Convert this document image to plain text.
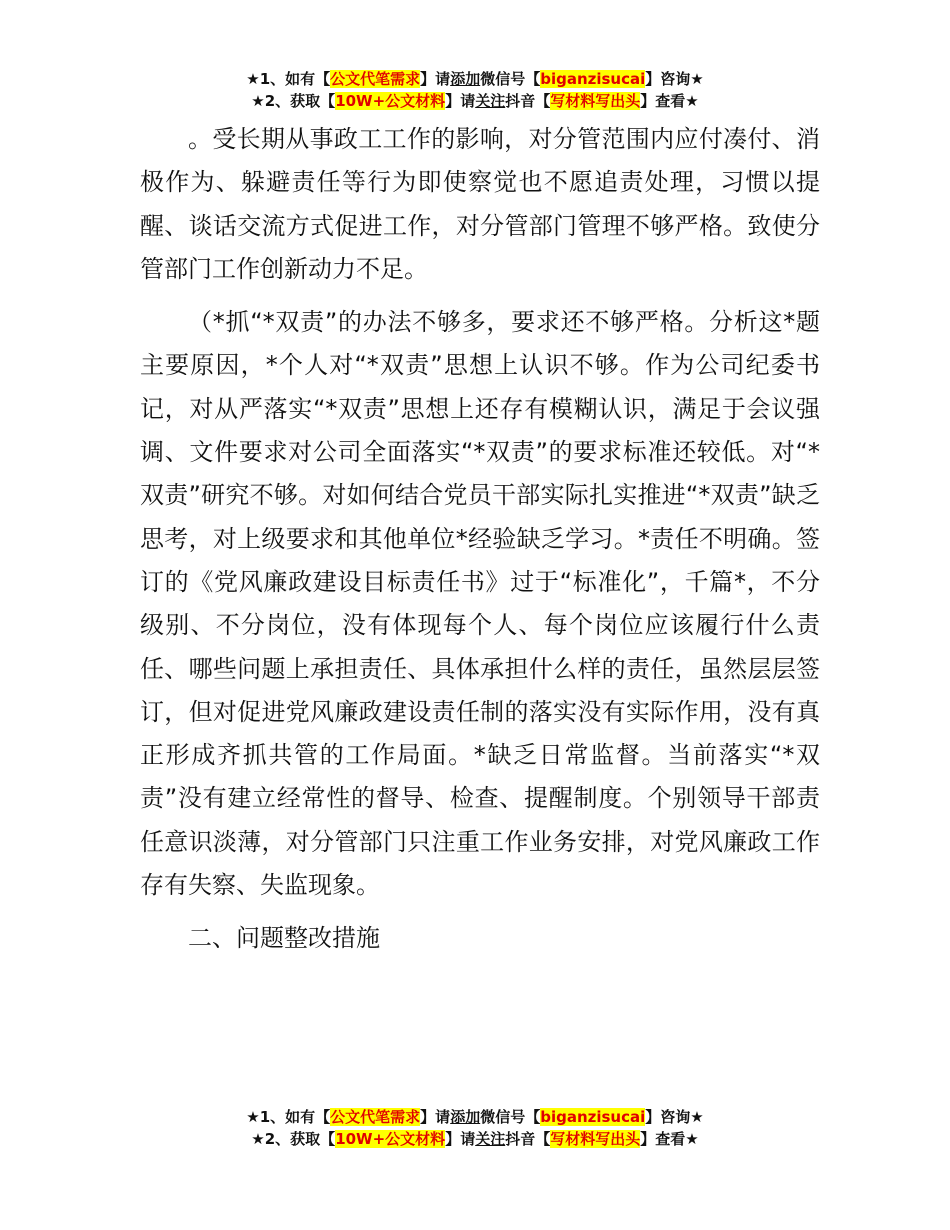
★1、如有【公文代笔需求】请添加微信号【biganzisucai】咨询★
★2、获取【10W+公文材料】请关注抖音【写材料写出头】查看★

。受长期从事政工工作的影响，对分管范围内应付凑付、消极作为、躲避责任等行为即使察觉也不愿追责处理，习惯以提醒、谈话交流方式促进工作，对分管部门管理不够严格。致使分管部门工作创新动力不足。

（*抓“*双责”的办法不够多，要求还不够严格。分析这*题主要原因，*个人对“*双责”思想上认识不够。作为公司纪委书记，对从严落实“*双责”思想上还存有模糊认识，满足于会议强调、文件要求对公司全面落实“*双责”的要求标准还较低。对“*双责”研究不够。对如何结合党员干部实际扎实推进“*双责”缺乏思考，对上级要求和其他单位*经验缺乏学习。*责任不明确。签订的《党风廉政建设目标责任书》过于“标准化”，千篇*，不分级别、不分岗位，没有体现每个人、每个岗位应该履行什么责任、哪些问题上承担责任、具体承担什么样的责任，虽然层层签订，但对促进党风廉政建设责任制的落实没有实际作用，没有真正形成齐抓共管的工作局面。*缺乏日常监督。当前落实“*双责”没有建立经常性的督导、检查、提醒制度。个别领导干部责任意识淡薄，对分管部门只注重工作业务安排，对党风廉政工作存有失察、失监现象。

二、问题整改措施

★1、如有【公文代笔需求】请添加微信号【biganzisucai】咨询★
★2、获取【10W+公文材料】请关注抖音【写材料写出头】查看★
